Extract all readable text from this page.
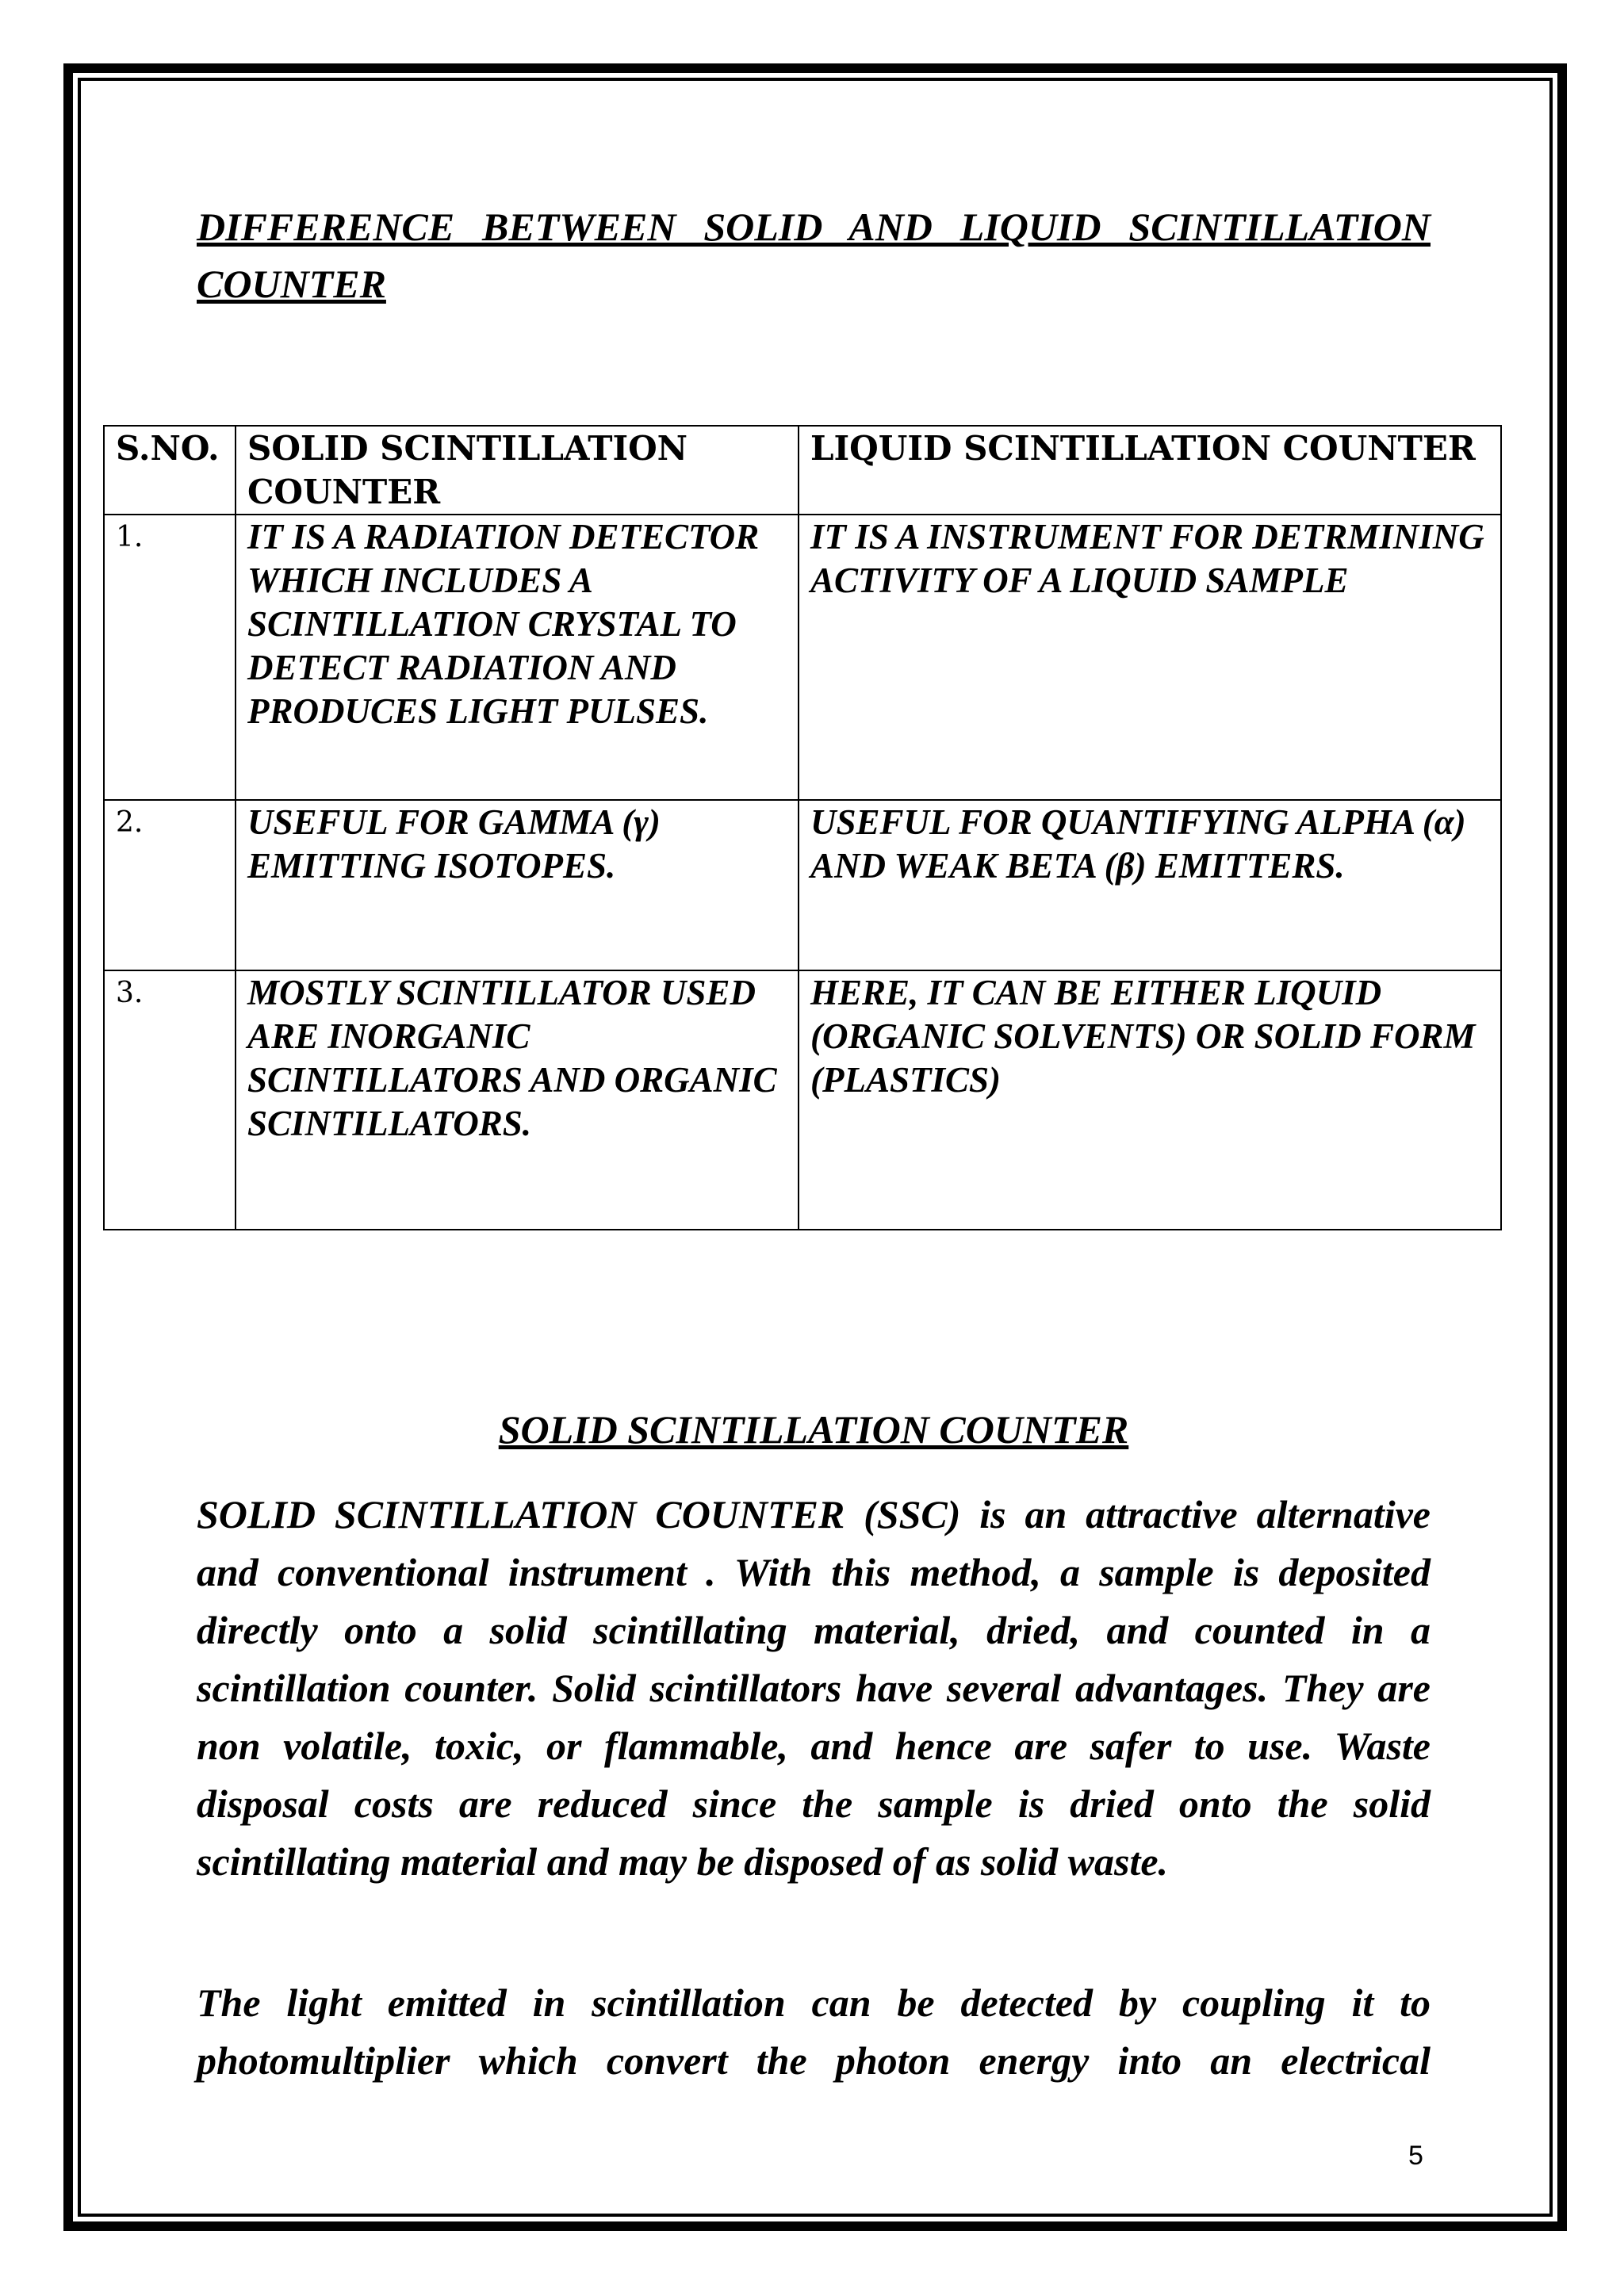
DIFFERENCE BETWEEN SOLID AND LIQUID SCINTILLATION COUNTER

S.NO.	SOLID SCINTILLATION COUNTER	LIQUID SCINTILLATION COUNTER
1.	IT IS A RADIATION DETECTOR WHICH INCLUDES A SCINTILLATION CRYSTAL TO DETECT RADIATION AND PRODUCES LIGHT PULSES.	IT IS A INSTRUMENT FOR DETRMINING ACTIVITY OF A LIQUID SAMPLE
2.	USEFUL FOR GAMMA (γ) EMITTING ISOTOPES.	USEFUL FOR QUANTIFYING ALPHA (α) AND WEAK BETA (β) EMITTERS.
3.	MOSTLY SCINTILLATOR USED ARE INORGANIC SCINTILLATORS AND ORGANIC SCINTILLATORS.	HERE, IT CAN BE EITHER LIQUID (ORGANIC SOLVENTS) OR SOLID FORM (PLASTICS)

SOLID SCINTILLATION COUNTER

SOLID SCINTILLATION COUNTER (SSC) is an attractive alternative and conventional instrument . With this method, a sample is deposited directly onto a solid scintillating material, dried, and counted in a scintillation counter. Solid scintillators have several advantages. They are non volatile, toxic, or flammable, and hence are safer to use. Waste disposal costs are reduced since the sample is dried onto the solid scintillating material and may be disposed of as solid waste.

The light emitted in scintillation can be detected by coupling it to photomultiplier which convert the photon energy into an electrical

5
